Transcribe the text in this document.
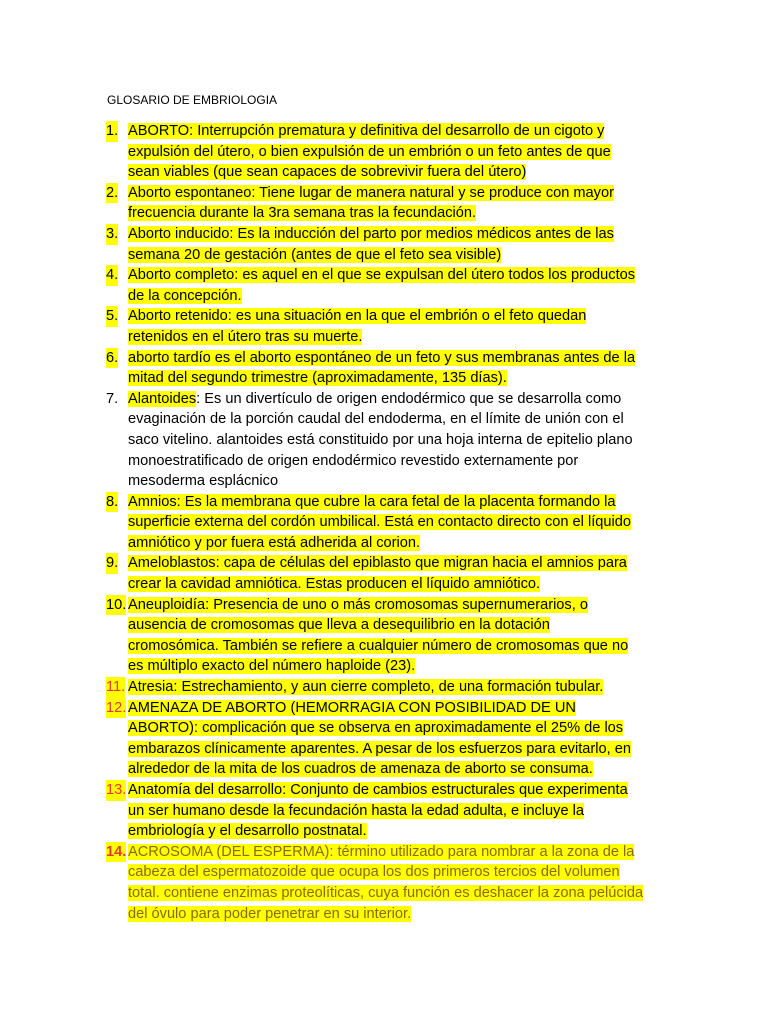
GLOSARIO DE EMBRIOLOGIA
1. ABORTO: Interrupción prematura y definitiva del desarrollo de un cigoto y
expulsión del útero, o bien expulsión de un embrión o un feto antes de que
sean viables (que sean capaces de sobrevivir fuera del útero)
2. Aborto espontaneo: Tiene lugar de manera natural y se produce con mayor
frecuencia durante la 3ra semana tras la fecundación.
3. Aborto inducido: Es la inducción del parto por medios médicos antes de las
semana 20 de gestación (antes de que el feto sea visible)
4. Aborto completo: es aquel en el que se expulsan del útero todos los productos
de la concepción.
5. Aborto retenido: es una situación en la que el embrión o el feto quedan
retenidos en el útero tras su muerte.
6. aborto tardío es el aborto espontáneo de un feto y sus membranas antes de la
mitad del segundo trimestre (aproximadamente, 135 días).
7. Alantoides: Es un divertículo de origen endodérmico que se desarrolla como
evaginación de la porción caudal del endoderma, en el límite de unión con el
saco vitelino. alantoides está constituido por una hoja interna de epitelio plano
monoestratificado de origen endodérmico revestido externamente por
mesoderma esplácnico
8. Amnios: Es la membrana que cubre la cara fetal de la placenta formando la
superficie externa del cordón umbilical. Está en contacto directo con el líquido
amniótico y por fuera está adherida al corion.
9. Ameloblastos: capa de células del epiblasto que migran hacia el amnios para
crear la cavidad amniótica. Estas producen el líquido amniótico.
10. Aneuploidía: Presencia de uno o más cromosomas supernumerarios, o
ausencia de cromosomas que lleva a desequilibrio en la dotación
cromosómica. También se refiere a cualquier número de cromosomas que no
es múltiplo exacto del número haploide (23).
11. Atresia: Estrechamiento, y aun cierre completo, de una formación tubular.
12. AMENAZA DE ABORTO (HEMORRAGIA CON POSIBILIDAD DE UN
ABORTO): complicación que se observa en aproximadamente el 25% de los
embarazos clínicamente aparentes. A pesar de los esfuerzos para evitarlo, en
alrededor de la mita de los cuadros de amenaza de aborto se consuma.
13. Anatomía del desarrollo: Conjunto de cambios estructurales que experimenta
un ser humano desde la fecundación hasta la edad adulta, e incluye la
embriología y el desarrollo postnatal.
14. ACROSOMA (DEL ESPERMA): término utilizado para nombrar a la zona de la
cabeza del espermatozoide que ocupa los dos primeros tercios del volumen
total. contiene enzimas proteolíticas, cuya función es deshacer la zona pelúcida
del óvulo para poder penetrar en su interior.
